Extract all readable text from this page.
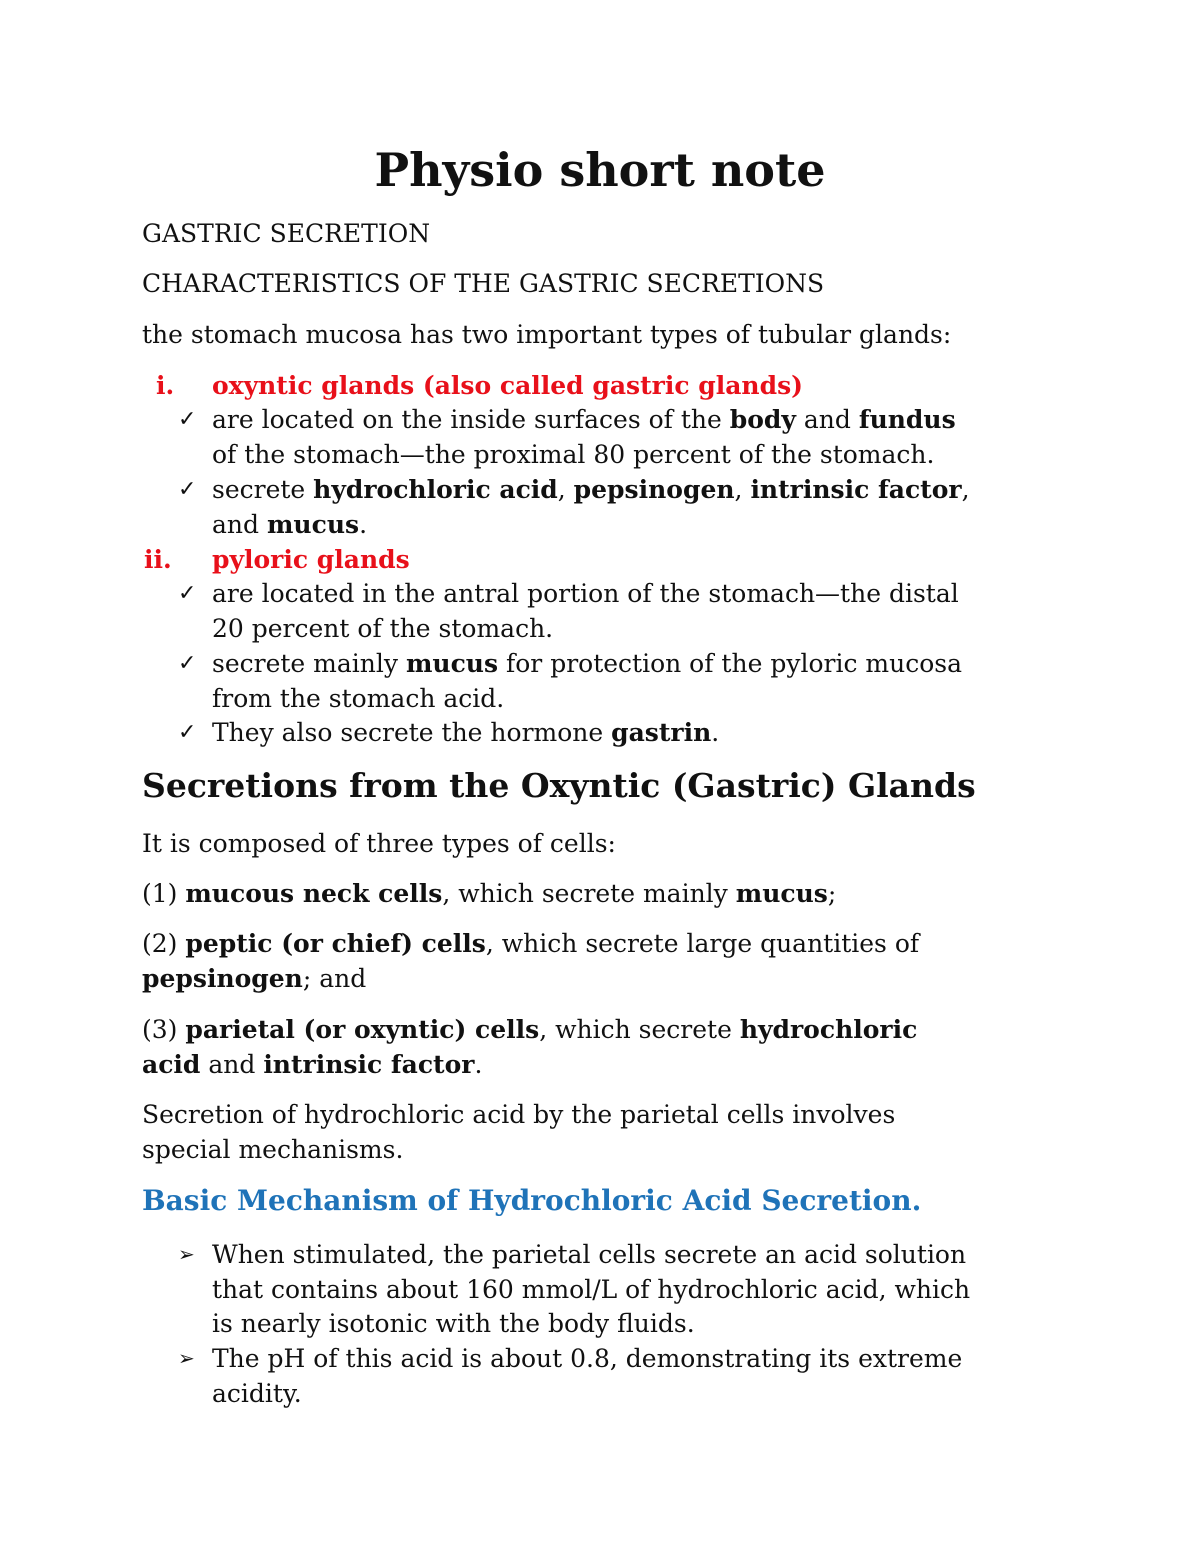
Physio short note

GASTRIC SECRETION

CHARACTERISTICS OF THE GASTRIC SECRETIONS

the stomach mucosa has two important types of tubular glands:

i. oxyntic glands (also called gastric glands)

✓ are located on the inside surfaces of the body and fundus

of the stomach—the proximal 80 percent of the stomach.

✓ secrete hydrochloric acid, pepsinogen, intrinsic factor,

and mucus.

ii. pyloric glands

✓ are located in the antral portion of the stomach—the distal

20 percent of the stomach.

✓ secrete mainly mucus for protection of the pyloric mucosa

from the stomach acid.

✓ They also secrete the hormone gastrin.

Secretions from the Oxyntic (Gastric) Glands

It is composed of three types of cells:

(1) mucous neck cells, which secrete mainly mucus;

(2) peptic (or chief) cells, which secrete large quantities of

pepsinogen; and

(3) parietal (or oxyntic) cells, which secrete hydrochloric

acid and intrinsic factor.

Secretion of hydrochloric acid by the parietal cells involves

special mechanisms.

Basic Mechanism of Hydrochloric Acid Secretion.
➢ When stimulated, the parietal cells secrete an acid solution

that contains about 160 mmol/L of hydrochloric acid, which

is nearly isotonic with the body fluids.

➢ The pH of this acid is about 0.8, demonstrating its extreme

acidity.
